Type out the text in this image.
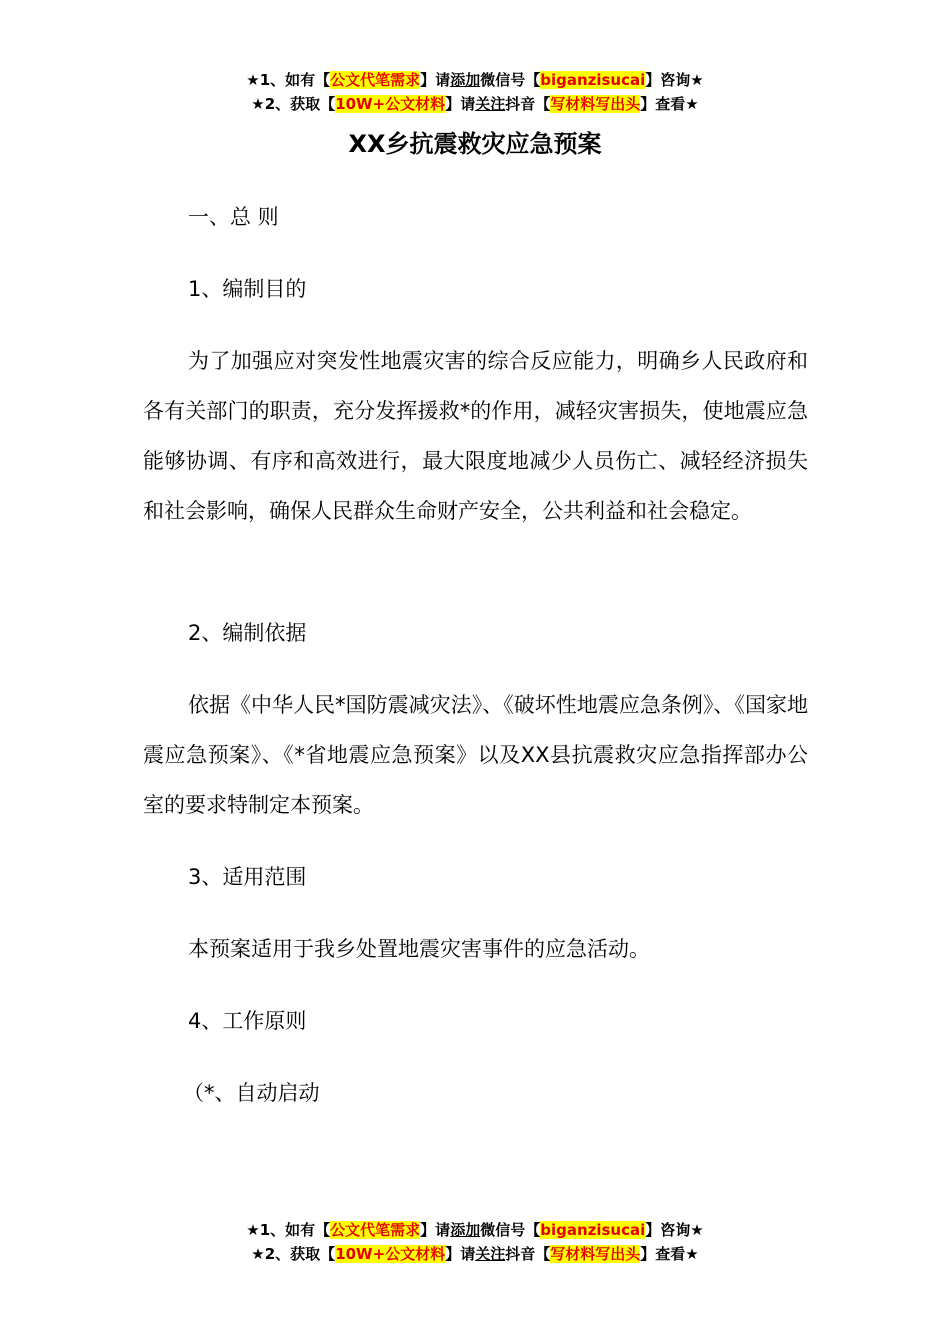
★1、如有【公文代笔需求】请添加微信号【biganzisucai】咨询★
★2、获取【10W+公文材料】请关注抖音【写材料写出头】查看★
XX乡抗震救灾应急预案

一、总 则

1、编制目的

为了加强应对突发性地震灾害的综合反应能力，明确乡人民政府和各有关部门的职责，充分发挥援救*的作用，减轻灾害损失，使地震应急能够协调、有序和高效进行，最大限度地减少人员伤亡、减轻经济损失和社会影响，确保人民群众生命财产安全，公共利益和社会稳定。

2、编制依据

依据《中华人民*国防震减灾法》、《破坏性地震应急条例》、《国家地震应急预案》、《*省地震应急预案》以及XX县抗震救灾应急指挥部办公室的要求特制定本预案。

3、适用范围

本预案适用于我乡处置地震灾害事件的应急活动。

4、工作原则

（*、自动启动

★1、如有【公文代笔需求】请添加微信号【biganzisucai】咨询★
★2、获取【10W+公文材料】请关注抖音【写材料写出头】查看★
